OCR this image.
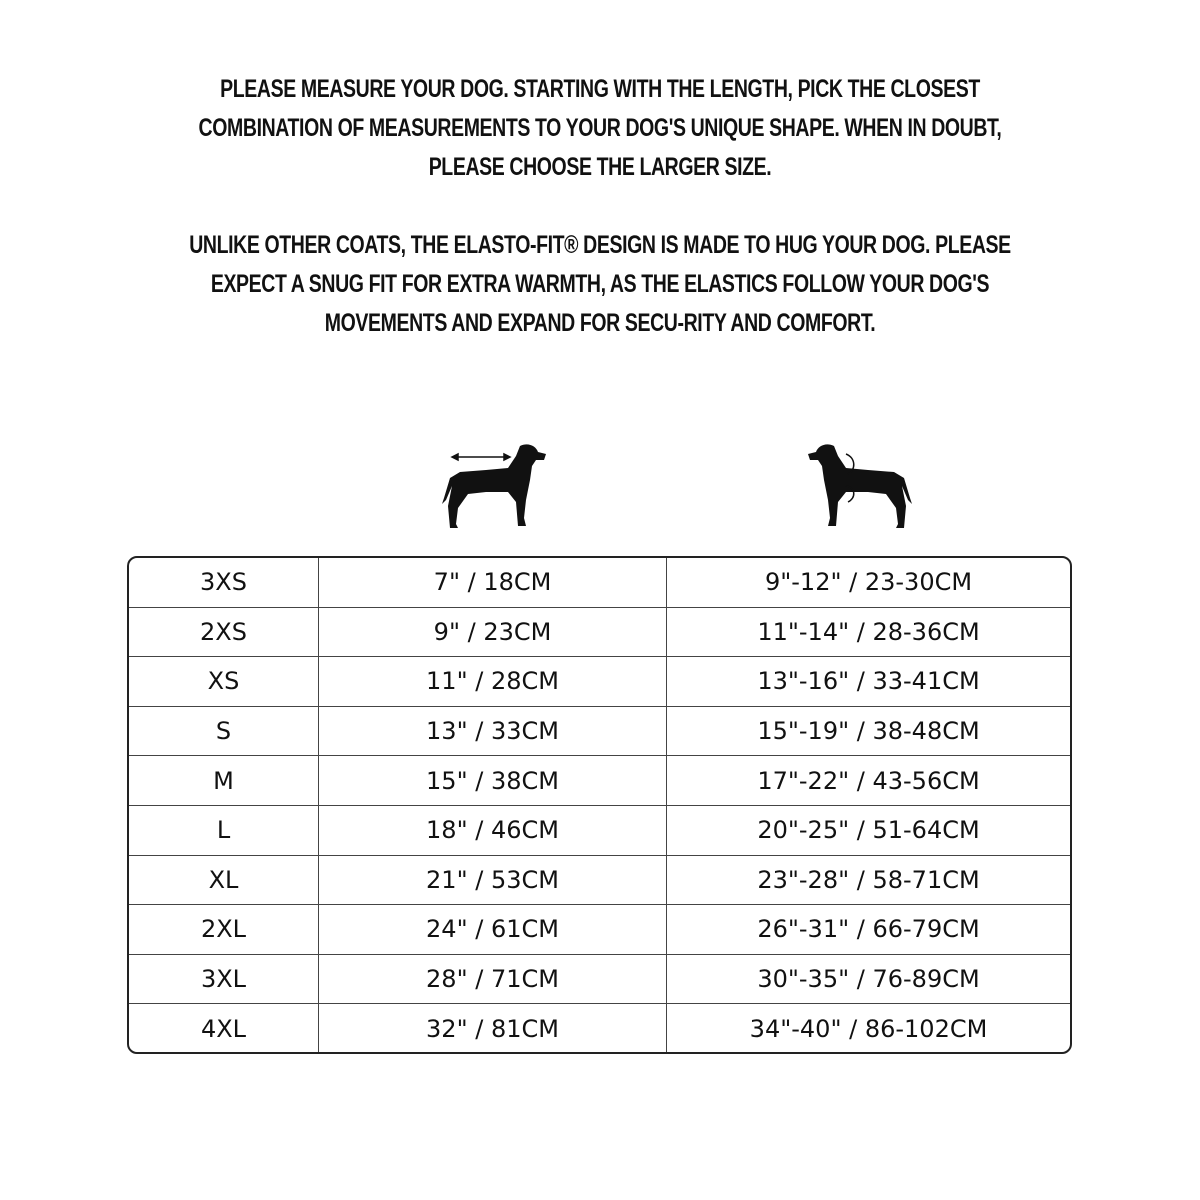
PLEASE MEASURE YOUR DOG. STARTING WITH THE LENGTH, PICK THE CLOSEST COMBINATION OF MEASUREMENTS TO YOUR DOG'S UNIQUE SHAPE. WHEN IN DOUBT, PLEASE CHOOSE THE LARGER SIZE.

UNLIKE OTHER COATS, THE ELASTO-FIT® DESIGN IS MADE TO HUG YOUR DOG. PLEASE EXPECT A SNUG FIT FOR EXTRA WARMTH, AS THE ELASTICS FOLLOW YOUR DOG'S MOVEMENTS AND EXPAND FOR SECU-RITY AND COMFORT.

3XS	7" / 18CM	9"-12" / 23-30CM
2XS	9" / 23CM	11"-14" / 28-36CM
XS	11" / 28CM	13"-16" / 33-41CM
S	13" / 33CM	15"-19" / 38-48CM
M	15" / 38CM	17"-22" / 43-56CM
L	18" / 46CM	20"-25" / 51-64CM
XL	21" / 53CM	23"-28" / 58-71CM
2XL	24" / 61CM	26"-31" / 66-79CM
3XL	28" / 71CM	30"-35" / 76-89CM
4XL	32" / 81CM	34"-40" / 86-102CM
